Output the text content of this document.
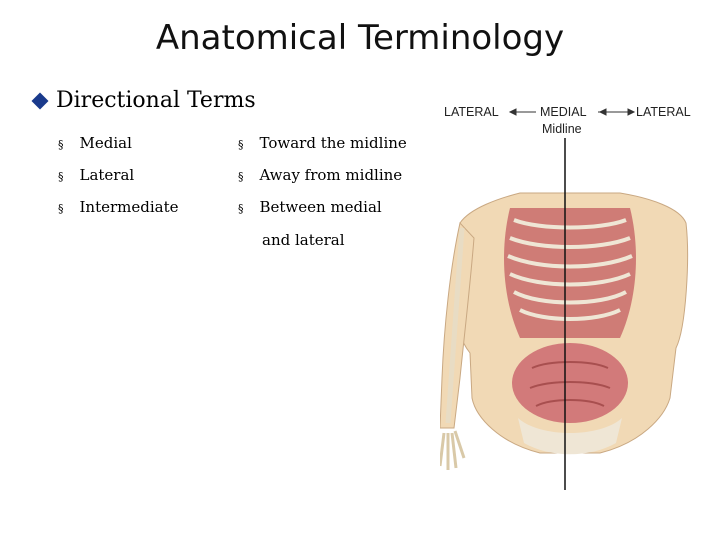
Anatomical Terminology
Directional Terms
§ Medial	§ Toward the midline
§ Lateral	§ Away from midline
§ Intermediate	§ Between medial
and lateral
LATERAL	MEDIAL	LATERAL
Midline
